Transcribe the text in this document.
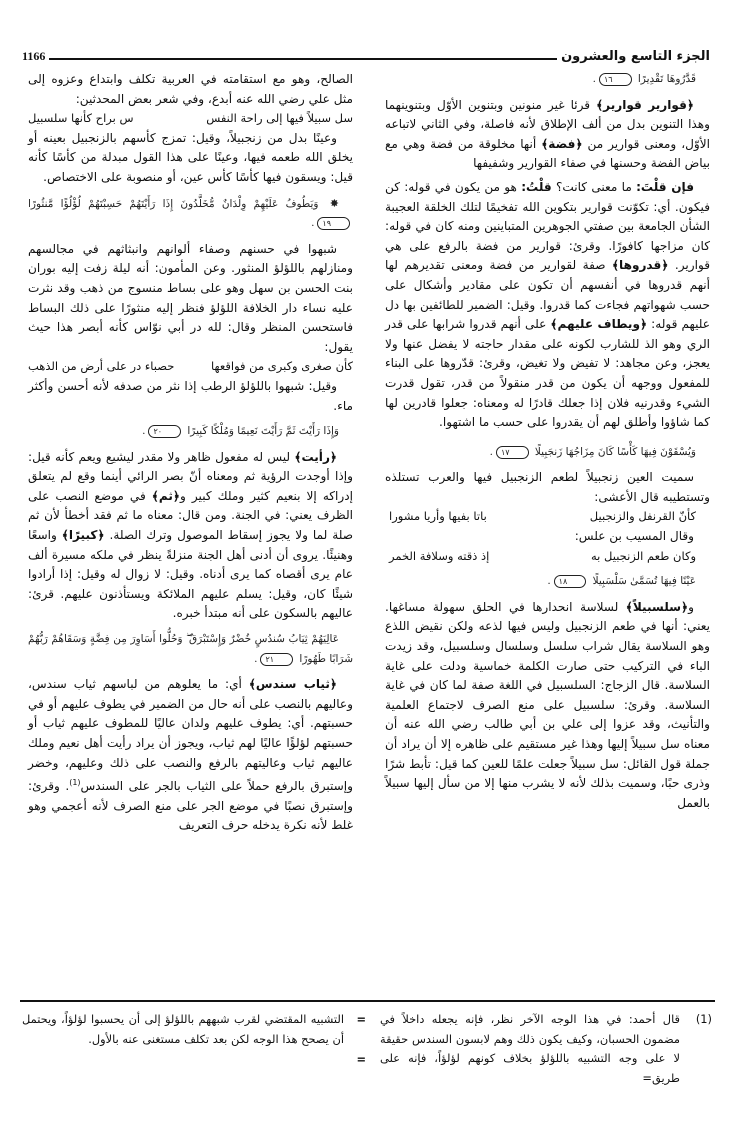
الجزء التاسع والعشرون
1166
قَدَّرُوهَا تَقْدِيرًا ١٦.

﴿قوارير قوارير﴾ قرئا غير منونين وبتنوين الأوّل وبتنوينهما وهذا التنوين بدل من ألف الإطلاق لأنه فاصلة، وفي الثاني لاتباعه الأوّل، ومعنى قوارير من ﴿فضة﴾ أنها مخلوقة من فضة وهي مع بياض الفضة وحسنها في صفاء القوارير وشفيفها

فإن قلْتَ: ما معنى كانت؟ قلْتُ: هو من يكون في قوله: كن فيكون. أي: تكوّنت قوارير بتكوين الله تفخيمًا لتلك الخلقة العجيبة الشأن الجامعة بين صفتي الجوهرين المتباينين ومنه كان في قوله: كان مزاجها كافورًا. وقرئ: قوارير من فضة بالرفع على هي قوارير. ﴿قدروها﴾ صفة لقوارير من فضة ومعنى تقديرهم لها أنهم قدروها في أنفسهم أن تكون على مقادير وأشكال على حسب شهواتهم فجاءت كما قدروا. وقيل: الضمير للطائفين بها دل عليهم قوله: ﴿ويطاف عليهم﴾ على أنهم قدروا شرابها على قدر الري وهو الذ للشارب لكونه على مقدار حاجته لا يفضل عنها ولا يعجز، وعن مجاهد: لا تفيض ولا تغيض، وقرئ: قدّروها على البناء للمفعول ووجهه أن يكون من قدر منقولاً من قدر، تقول قدرت الشيء وقدرنيه فلان إذا جعلك قادرًا له ومعناه: جعلوا قادرين لها كما شاؤوا وأطلق لهم أن يقدروا على حسب ما اشتهوا.

وَيُسْقَوْنَ فِيهَا كَأْسًا كَانَ مِزَاجُهَا زَنجَبِيلًا ١٧.

سميت العين زنجبيلاً لطعم الزنجبيل فيها والعرب تستلذه وتستطيبه قال الأعشى:

كأنّ القرنفل والزنجبيل
باتا بفيها وأريا مشورا

وقال المسيب بن علس:

وكان طعم الزنجبيل به
إذ ذقته وسلافة الخمر
عَيْنًا فِيهَا تُسَمَّىٰ سَلْسَبِيلًا ١٨.

و﴿سلسبيلاً﴾ لسلاسة انحدارها في الحلق سهولة مساغها. يعني: أنها في طعم الزنجبيل وليس فيها لذعه ولكن نقيض اللذع وهو السلاسة يقال شراب سلسل وسلسال وسلسبيل، وقد زيدت الباء في التركيب حتى صارت الكلمة خماسية ودلت على غاية السلاسة. قال الزجاج: السلسبيل في اللغة صفة لما كان في غاية السلاسة. وقرئ: سلسبيل على منع الصرف لاجتماع العلمية والتأنيث، وقد عزوا إلى علي بن أبي طالب رضي الله عنه أن معناه سل سبيلاً إليها وهذا غير مستقيم على ظاهره إلا أن يراد أن جملة قول القائل: سل سبيلاً جعلت علمًا للعين كما قيل: تأبط شرًا وذرى حبًا، وسميت بذلك لأنه لا يشرب منها إلا من سأل إليها سبيلاً بالعمل

الصالح، وهو مع استقامته في العربية تكلف وابتداع وعزوه إلى مثل علي رضي الله عنه أبدع، وفي شعر بعض المحدثين:

سل سبيلاً فيها إلى راحة النفس
س براح كأنها سلسبيل

وعينًا بدل من زنجبيلاً، وقيل: تمزج كأسهم بالزنجبيل بعينه أو يخلق الله طعمه فيها، وعينًا على هذا القول مبدلة من كأسًا كأنه قيل: ويسقون فيها كأسًا كأس عين، أو منصوبة على الاختصاص.

✸ وَيَطُوفُ عَلَيْهِمْ وِلْدَانٌ مُّخَلَّدُونَ إِذَا رَأَيْتَهُمْ حَسِبْتَهُمْ لُؤْلُؤًا مَّنثُورًا ١٩.

شبهوا في حسنهم وصفاء ألوانهم وانبثاثهم في مجالسهم ومنازلهم باللؤلؤ المنثور. وعن المأمون: أنه ليلة زفت إليه بوران بنت الحسن بن سهل وهو على بساط منسوج من ذهب وقد نثرت عليه نساء دار الخلافة اللؤلؤ فنظر إليه منثورًا على ذلك البساط فاستحسن المنظر وقال: لله در أبي نوّاس كأنه أبصر هذا حيث يقول:

كأن صغرى وكبرى من فواقعها
حصباء در على أرض من الذهب

وقيل: شبهوا باللؤلؤ الرطب إذا نثر من صدفه لأنه أحسن وأكثر ماء.

وَإِذَا رَأَيْتَ ثَمَّ رَأَيْتَ نَعِيمًا وَمُلْكًا كَبِيرًا ٢٠.

﴿رأيت﴾ ليس له مفعول ظاهر ولا مقدر ليشيع ويعم كأنه قيل: وإذا أوجدت الرؤية ثم ومعناه أنّ بصر الرائي أينما وقع لم يتعلق إدراكه إلا بنعيم كثير وملك كبير و﴿ثم﴾ في موضع النصب على الظرف يعني: في الجنة. ومن قال: معناه ما ثم فقد أخطأ لأن ثم صلة لما ولا يجوز إسقاط الموصول وترك الصلة. ﴿كبيرًا﴾ واسعًا وهنيئًا. يروى أن أدنى أهل الجنة منزلةً ينظر في ملكه مسيرة ألف عام يرى أقصاه كما يرى أدناه. وقيل: لا زوال له وقيل: إذا أرادوا شيئًا كان، وقيل: يسلم عليهم الملائكة ويستأذنون عليهم. قرئ: عاليهم بالسكون على أنه مبتدأ خبره.

عَالِيَهُمْ ثِيَابُ سُندُسٍ خُضْرٌ وَإِسْتَبْرَقٌ ۖ وَحُلُّوا أَسَاوِرَ مِن فِضَّةٍ وَسَقَاهُمْ رَبُّهُمْ شَرَابًا طَهُورًا ٢١.

﴿ثياب سندس﴾ أي: ما يعلوهم من لباسهم ثياب سندس، وعاليهم بالنصب على أنه حال من الضمير في يطوف عليهم أو في حسبتهم. أي: يطوف عليهم ولدان عاليًا للمطوف عليهم ثياب أو حسبتهم لؤلؤًا عاليًا لهم ثياب، ويجوز أن يراد رأيت أهل نعيم وملك عاليهم ثياب وعاليتهم بالرفع والنصب على ذلك وعليهم، وخضر وإستبرق بالرفع حملاً على الثياب بالجر على السندس$^{(1)}$. وقرئ: وإستبرق نصبًا في موضع الجر على منع الصرف لأنه أعجمي وهو غلط لأنه نكرة يدخله حرف التعريف

(1)
قال أحمد: في هذا الوجه الآخر نظر، فإنه يجعله داخلاً في مضمون الحسبان، وكيف يكون ذلك وهم لابسون السندس حقيقة لا على وجه التشبيه باللؤلؤ بخلاف كونهم لؤلؤاً، فإنه على طريق=
=
التشبيه المقتضي لقرب شبههم باللؤلؤ إلى أن يحسبوا لؤلؤاً، ويحتمل أن يصحح هذا الوجه لكن بعد تكلف مستغنى عنه بالأول.
=
